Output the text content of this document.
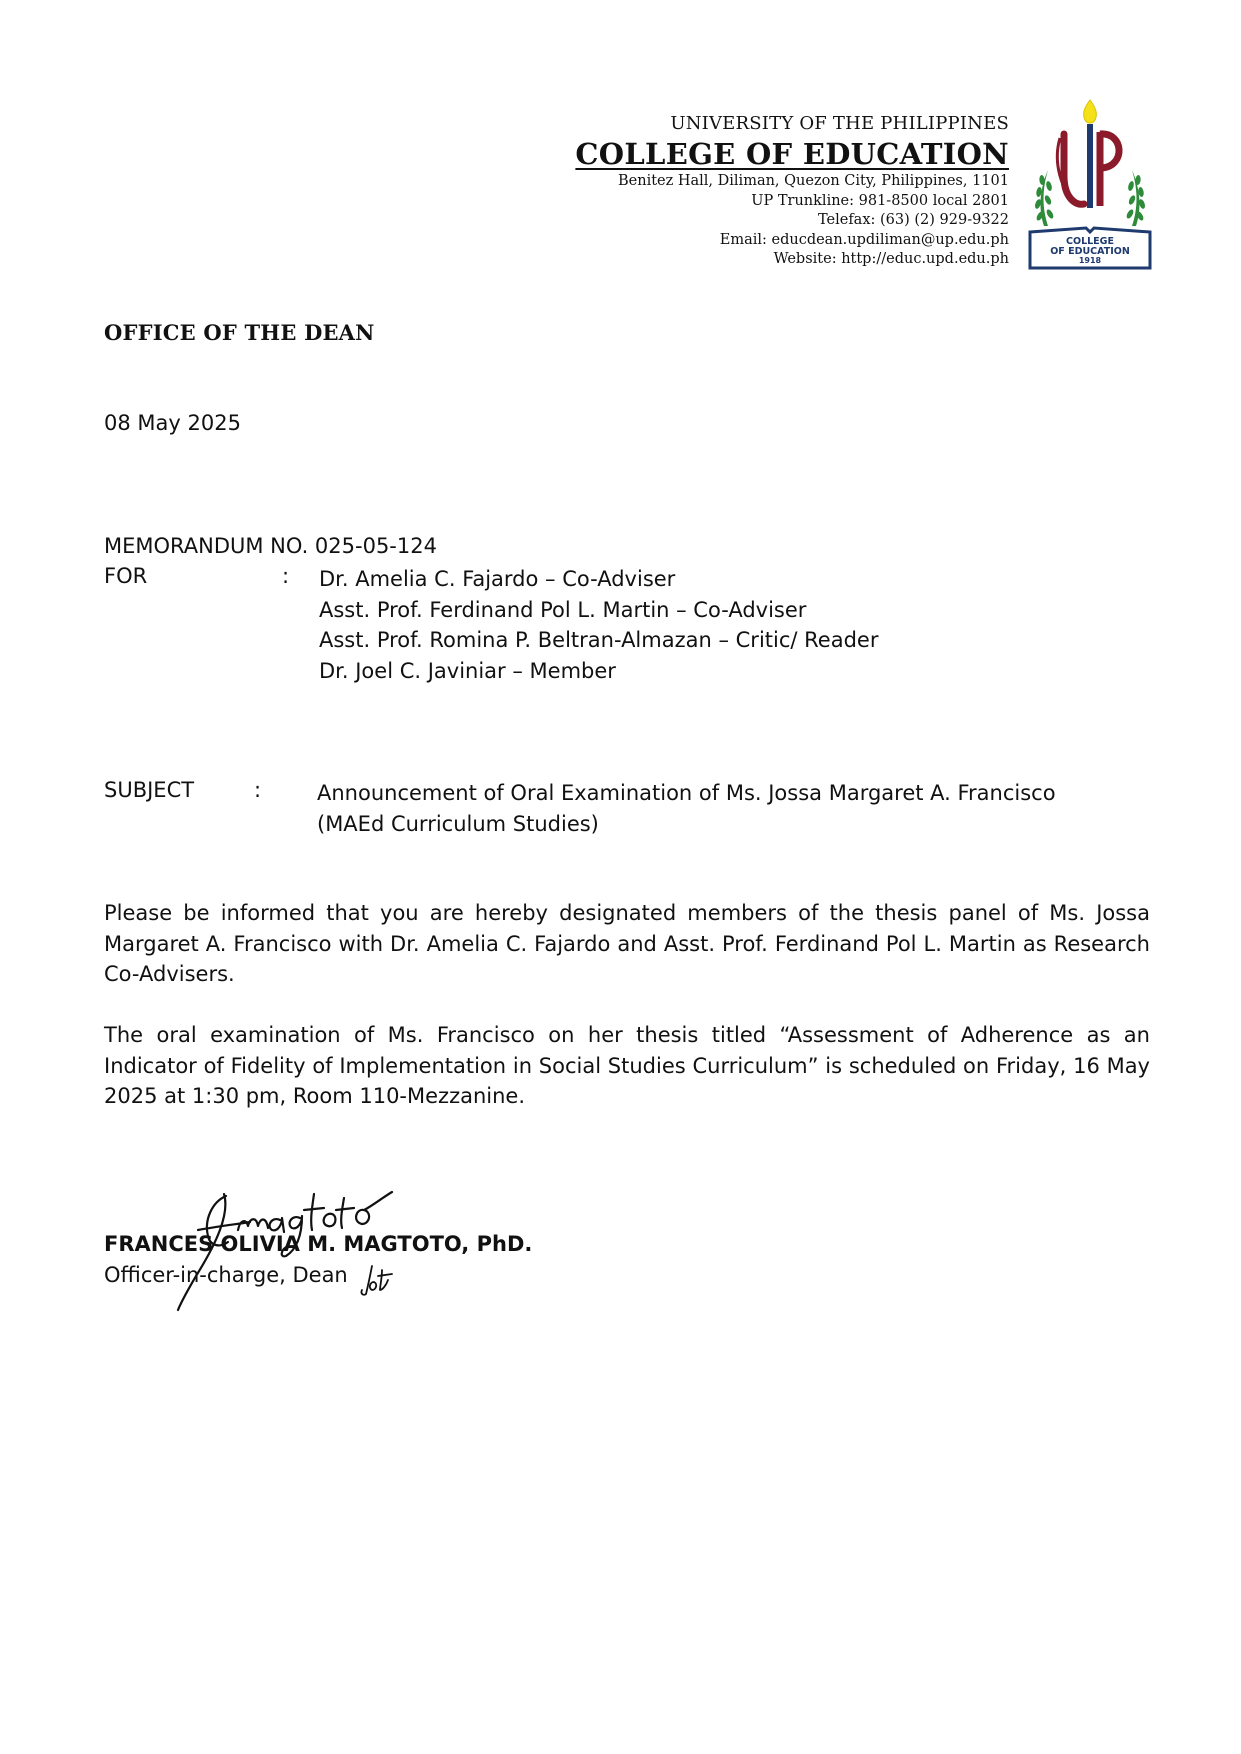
UNIVERSITY OF THE PHILIPPINES
COLLEGE OF EDUCATION
Benitez Hall, Diliman, Quezon City, Philippines, 1101
UP Trunkline: 981-8500 local 2801
Telefax: (63) (2) 929-9322
Email: educdean.updiliman@up.edu.ph
Website: http://educ.upd.edu.ph
COLLEGE
OF EDUCATION
1918
OFFICE OF THE DEAN
08 May 2025
MEMORANDUM NO. 025-05-124
FOR	: Dr. Amelia C. Fajardo – Co-Adviser
Asst. Prof. Ferdinand Pol L. Martin – Co-Adviser
Asst. Prof. Romina P. Beltran-Almazan – Critic/ Reader
Dr. Joel C. Javiniar – Member
SUBJECT	:	Announcement of Oral Examination of Ms. Jossa Margaret A. Francisco
(MAEd Curriculum Studies)
Please be informed that you are hereby designated members of the thesis panel of Ms. Jossa Margaret A. Francisco with Dr. Amelia C. Fajardo and Asst. Prof. Ferdinand Pol L. Martin as Research Co-Advisers.
The oral examination of Ms. Francisco on her thesis titled “Assessment of Adherence as an Indicator of Fidelity of Implementation in Social Studies Curriculum” is scheduled on Friday, 16 May 2025 at 1:30 pm, Room 110-Mezzanine.
FRANCES OLIVIA M. MAGTOTO, PhD.
Officer-in-charge, Dean
